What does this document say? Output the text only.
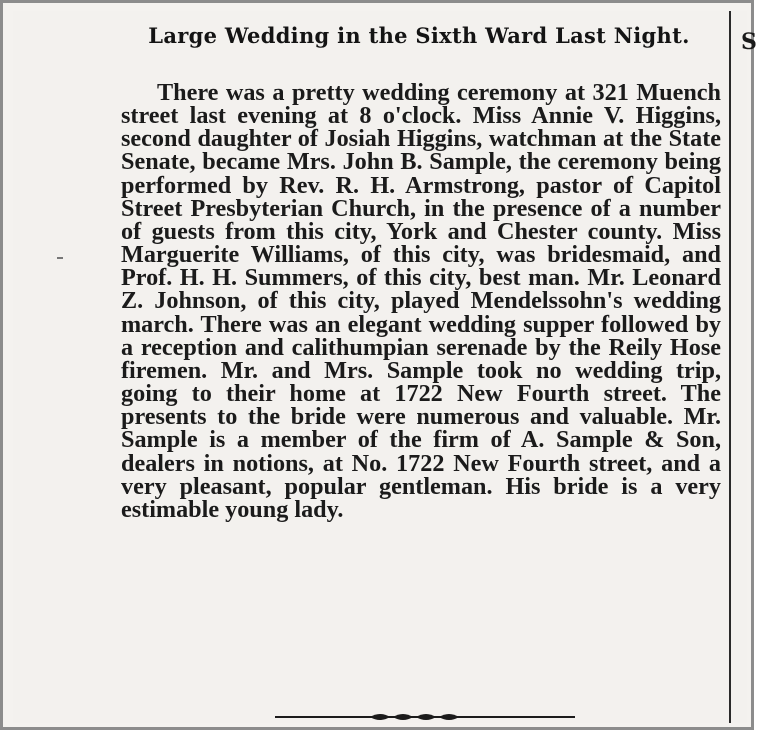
Large Wedding in the Sixth Ward Last Night.
There was a pretty wedding ceremony at 321 Muench street last evening at 8 o'clock. Miss Annie V. Higgins, second daughter of Josiah Higgins, watchman at the State Senate, became Mrs. John B. Sample, the ceremony being performed by Rev. R. H. Armstrong, pastor of Capitol Street Presbyterian Church, in the presence of a number of guests from this city, York and Chester county. Miss Marguerite Williams, of this city, was bridesmaid, and Prof. H. H. Summers, of this city, best man. Mr. Leonard Z. Johnson, of this city, played Mendelssohn's wedding march. There was an elegant wedding supper followed by a reception and calithumpian serenade by the Reily Hose firemen. Mr. and Mrs. Sample took no wedding trip, going to their home at 1722 New Fourth street. The presents to the bride were numerous and valuable. Mr. Sample is a member of the firm of A. Sample & Son, dealers in notions, at No. 1722 New Fourth street, and a very pleasant, popular gentleman. His bride is a very estimable young lady.
S
